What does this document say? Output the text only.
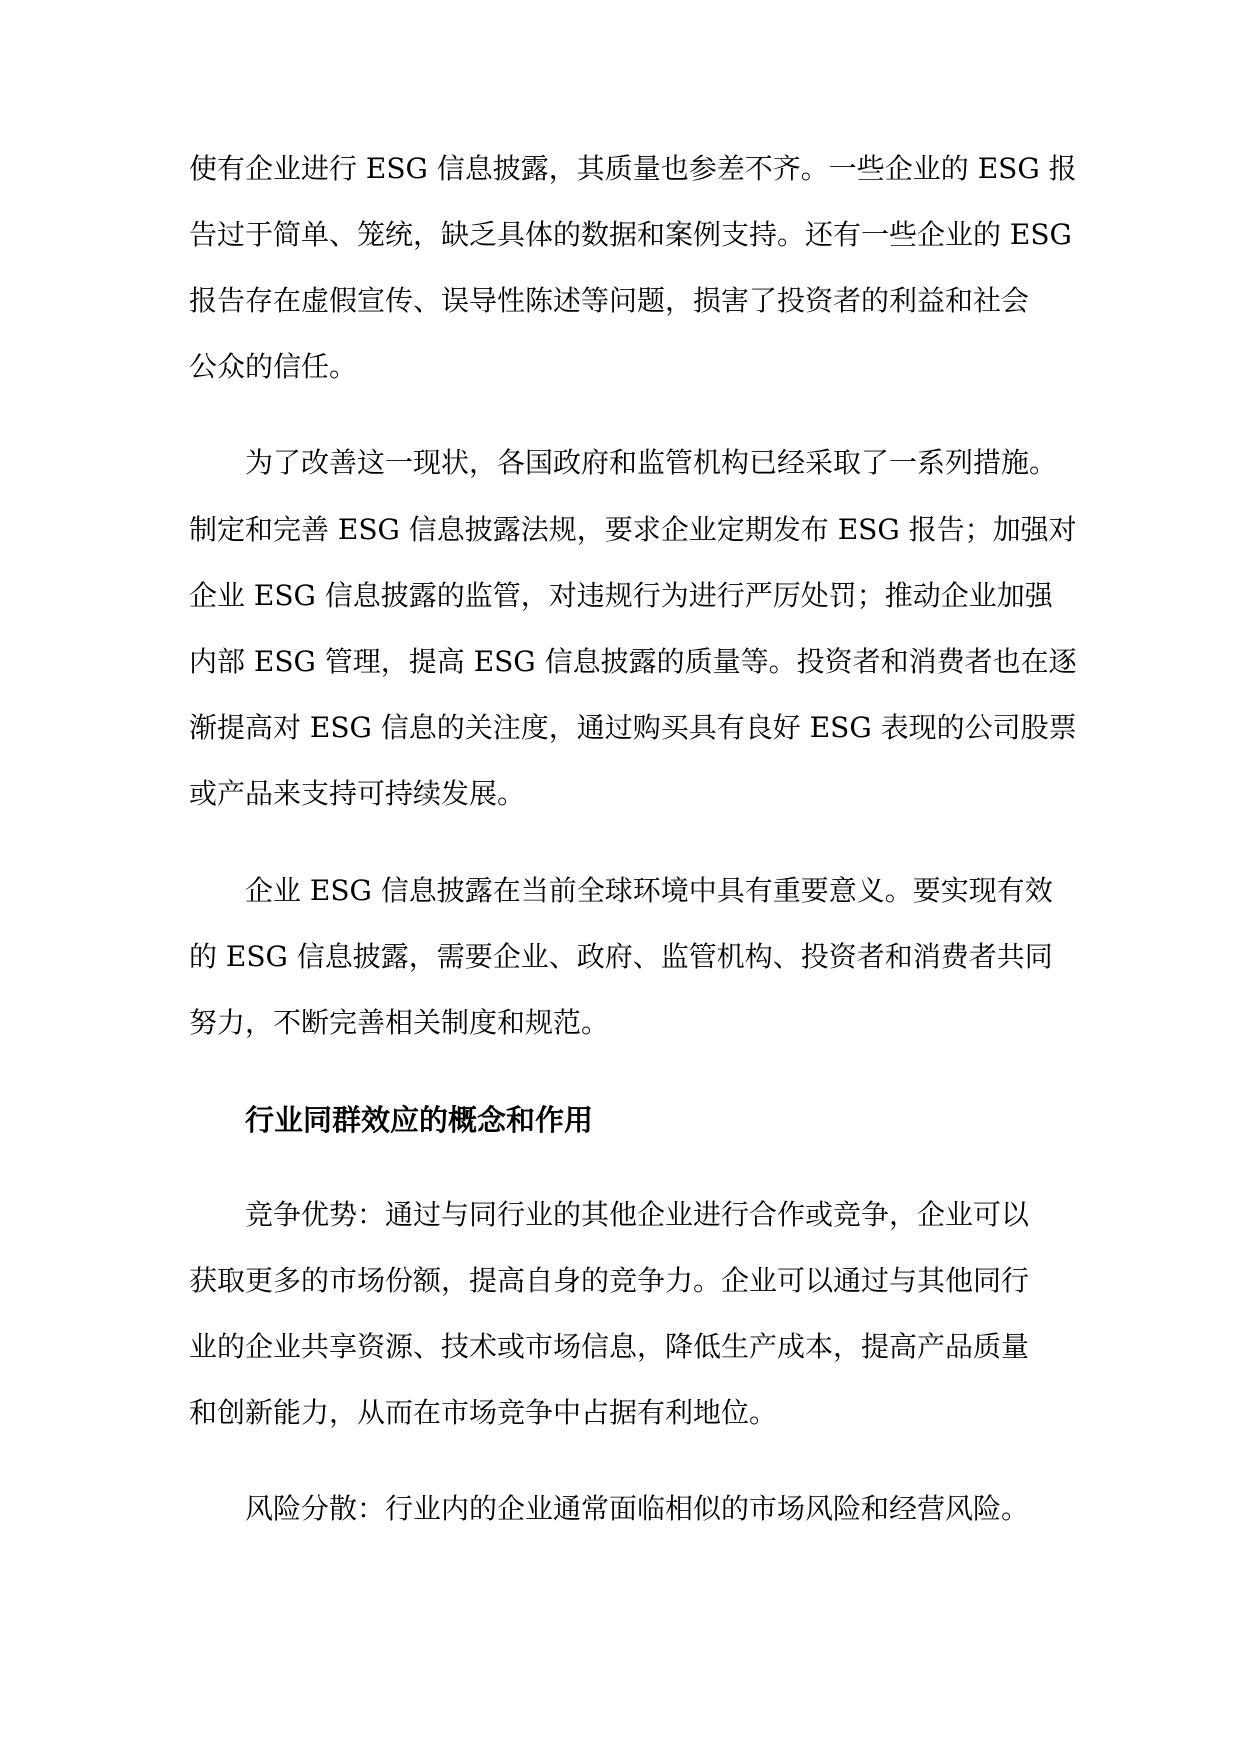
使有企业进行 ESG 信息披露，其质量也参差不齐。一些企业的 ESG 报
告过于简单、笼统，缺乏具体的数据和案例支持。还有一些企业的 ESG
报告存在虚假宣传、误导性陈述等问题，损害了投资者的利益和社会
公众的信任。
为了改善这一现状，各国政府和监管机构已经采取了一系列措施。
制定和完善 ESG 信息披露法规，要求企业定期发布 ESG 报告；加强对
企业 ESG 信息披露的监管，对违规行为进行严厉处罚；推动企业加强
内部 ESG 管理，提高 ESG 信息披露的质量等。投资者和消费者也在逐
渐提高对 ESG 信息的关注度，通过购买具有良好 ESG 表现的公司股票
或产品来支持可持续发展。
企业 ESG 信息披露在当前全球环境中具有重要意义。要实现有效
的 ESG 信息披露，需要企业、政府、监管机构、投资者和消费者共同
努力，不断完善相关制度和规范。
行业同群效应的概念和作用
竞争优势：通过与同行业的其他企业进行合作或竞争，企业可以
获取更多的市场份额，提高自身的竞争力。企业可以通过与其他同行
业的企业共享资源、技术或市场信息，降低生产成本，提高产品质量
和创新能力，从而在市场竞争中占据有利地位。
风险分散：行业内的企业通常面临相似的市场风险和经营风险。
